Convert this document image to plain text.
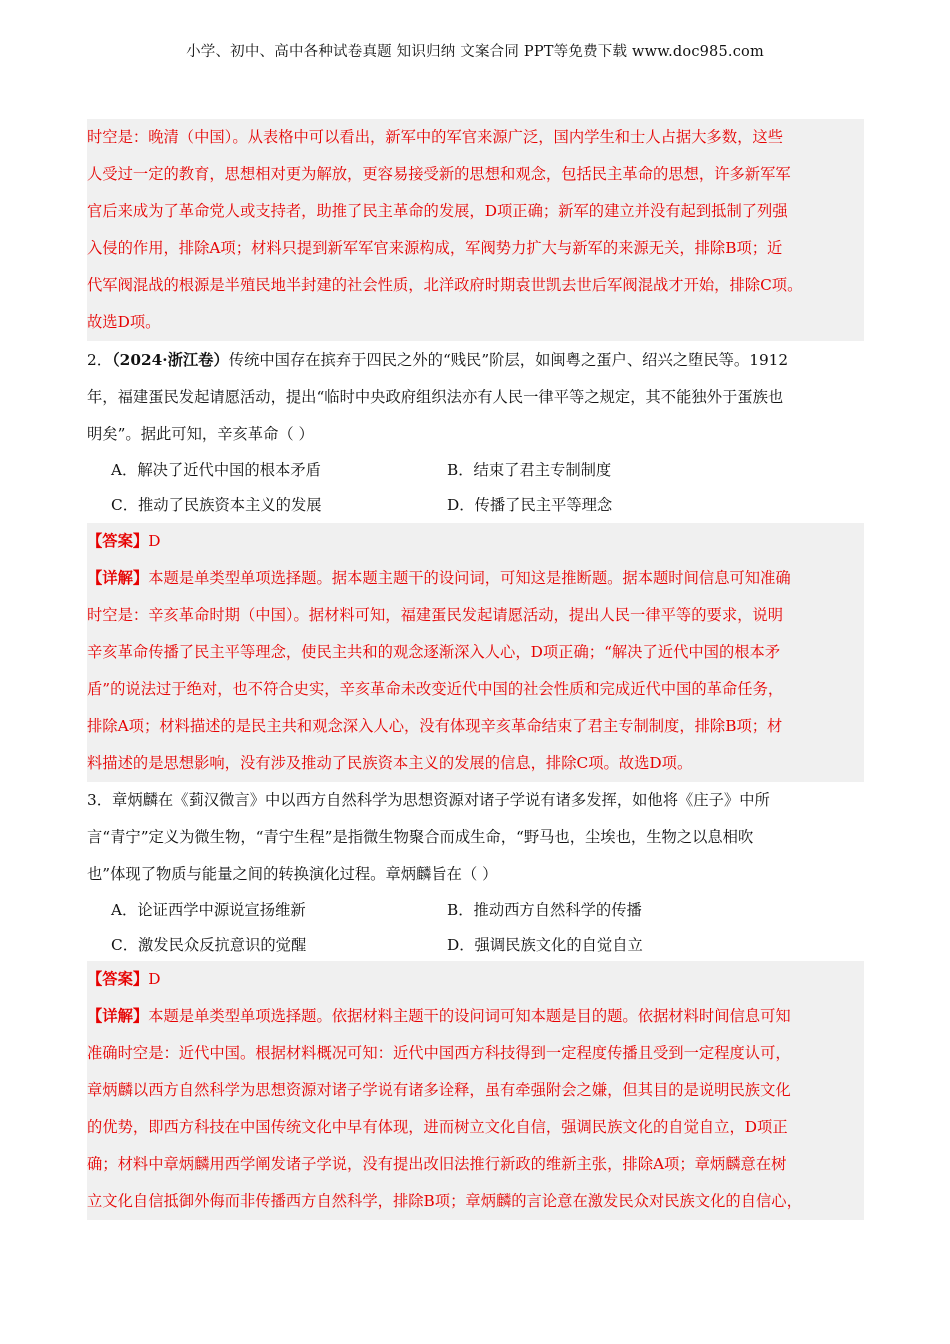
小学、初中、高中各种试卷真题 知识归纳 文案合同 PPT等免费下载 www.doc985.com
时空是：晚清（中国）。从表格中可以看出，新军中的军官来源广泛，国内学生和士人占据大多数，这些
人受过一定的教育，思想相对更为解放，更容易接受新的思想和观念，包括民主革命的思想，许多新军军
官后来成为了革命党人或支持者，助推了民主革命的发展，D项正确；新军的建立并没有起到抵制了列强
入侵的作用，排除A项；材料只提到新军军官来源构成，军阀势力扩大与新军的来源无关，排除B项；近
代军阀混战的根源是半殖民地半封建的社会性质，北洋政府时期袁世凯去世后军阀混战才开始，排除C项。
故选D项。
2．（2024·浙江卷）传统中国存在摈弃于四民之外的“贱民”阶层，如闽粤之蛋户、绍兴之堕民等。1912
年，福建蛋民发起请愿活动，提出“临时中央政府组织法亦有人民一律平等之规定，其不能独外于蛋族也
明矣”。据此可知，辛亥革命（ ）
A．解决了近代中国的根本矛盾	B．结束了君主专制制度
C．推动了民族资本主义的发展	D．传播了民主平等理念
【答案】D
【详解】本题是单类型单项选择题。据本题主题干的设问词，可知这是推断题。据本题时间信息可知准确
时空是：辛亥革命时期（中国）。据材料可知，福建蛋民发起请愿活动，提出人民一律平等的要求，说明
辛亥革命传播了民主平等理念，使民主共和的观念逐渐深入人心，D项正确；“解决了近代中国的根本矛
盾”的说法过于绝对，也不符合史实，辛亥革命未改变近代中国的社会性质和完成近代中国的革命任务，
排除A项；材料描述的是民主共和观念深入人心，没有体现辛亥革命结束了君主专制制度，排除B项；材
料描述的是思想影响，没有涉及推动了民族资本主义的发展的信息，排除C项。故选D项。
3．章炳麟在《菿汉微言》中以西方自然科学为思想资源对诸子学说有诸多发挥，如他将《庄子》中所
言“青宁”定义为微生物，“青宁生程”是指微生物聚合而成生命，“野马也，尘埃也，生物之以息相吹
也”体现了物质与能量之间的转换演化过程。章炳麟旨在（ ）
A．论证西学中源说宣扬维新	B．推动西方自然科学的传播
C．激发民众反抗意识的觉醒	D．强调民族文化的自觉自立
【答案】D
【详解】本题是单类型单项选择题。依据材料主题干的设问词可知本题是目的题。依据材料时间信息可知
准确时空是：近代中国。根据材料概况可知：近代中国西方科技得到一定程度传播且受到一定程度认可，
章炳麟以西方自然科学为思想资源对诸子学说有诸多诠释，虽有牵强附会之嫌，但其目的是说明民族文化
的优势，即西方科技在中国传统文化中早有体现，进而树立文化自信，强调民族文化的自觉自立，D项正
确；材料中章炳麟用西学阐发诸子学说，没有提出改旧法推行新政的维新主张，排除A项；章炳麟意在树
立文化自信抵御外侮而非传播西方自然科学，排除B项；章炳麟的言论意在激发民众对民族文化的自信心，
